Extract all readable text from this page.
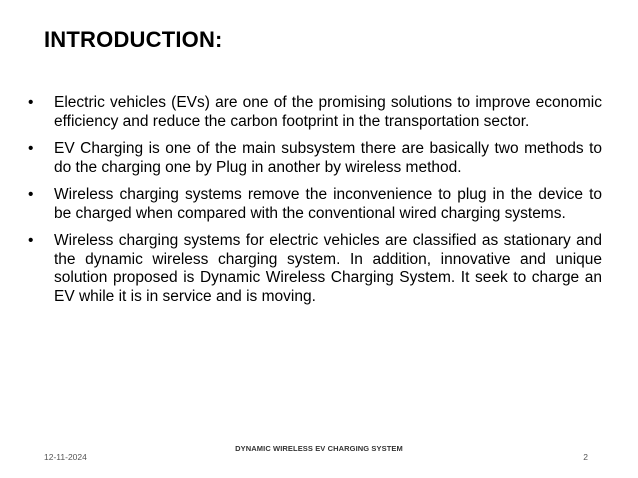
INTRODUCTION:
• Electric vehicles (EVs) are one of the promising solutions to improve economic efficiency and reduce the carbon footprint in the transportation sector.
• EV Charging is one of the main subsystem there are basically two methods to do the charging one by Plug in another by wireless method.
• Wireless charging systems remove the inconvenience to plug in the device to be charged when compared with the conventional wired charging systems.
• Wireless charging systems for electric vehicles are classified as stationary and the dynamic wireless charging system. In addition, innovative and unique solution proposed is Dynamic Wireless Charging System. It seek to charge an EV while it is in service and is moving.
DYNAMIC WIRELESS EV CHARGING SYSTEM
12-11-2024	2
